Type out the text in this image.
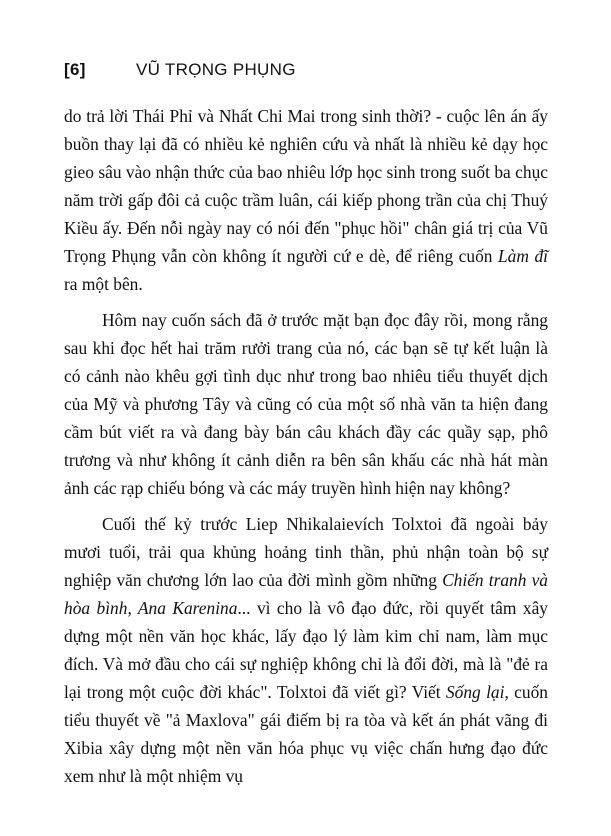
[6]	VŨ TRỌNG PHỤNG

do trả lời Thái Phỉ và Nhất Chi Mai trong sinh thời? - cuộc lên án ấy buồn thay lại đã có nhiều kẻ nghiên cứu và nhất là nhiều kẻ dạy học gieo sâu vào nhận thức của bao nhiêu lớp học sinh trong suốt ba chục năm trời gấp đôi cả cuộc trầm luân, cái kiếp phong trần của chị Thuý Kiều ấy. Đến nỗi ngày nay có nói đến "phục hồi" chân giá trị của Vũ Trọng Phụng vẫn còn không ít người cứ e dè, để riêng cuốn Làm đĩ ra một bên.

Hôm nay cuốn sách đã ở trước mặt bạn đọc đây rồi, mong rằng sau khi đọc hết hai trăm rưởi trang của nó, các bạn sẽ tự kết luận là có cảnh nào khêu gợi tình dục như trong bao nhiêu tiểu thuyết dịch của Mỹ và phương Tây và cũng có của một số nhà văn ta hiện đang cầm bút viết ra và đang bày bán câu khách đầy các quầy sạp, phô trương và như không ít cảnh diễn ra bên sân khấu các nhà hát màn ảnh các rạp chiếu bóng và các máy truyền hình hiện nay không?

Cuối thế kỷ trước Liep Nhikalaievích Tolxtoi đã ngoài bảy mươi tuổi, trải qua khủng hoảng tinh thần, phủ nhận toàn bộ sự nghiệp văn chương lớn lao của đời mình gồm những Chiến tranh và hòa bình, Ana Karenina... vì cho là vô đạo đức, rồi quyết tâm xây dựng một nền văn học khác, lấy đạo lý làm kim chỉ nam, làm mục đích. Và mở đầu cho cái sự nghiệp không chỉ là đổi đời, mà là "đẻ ra lại trong một cuộc đời khác". Tolxtoi đã viết gì? Viết Sống lại, cuốn tiểu thuyết về "ả Maxlova" gái điếm bị ra tòa và kết án phát vãng đi Xibia xây dựng một nền văn hóa phục vụ việc chấn hưng đạo đức xem như là một nhiệm vụ
